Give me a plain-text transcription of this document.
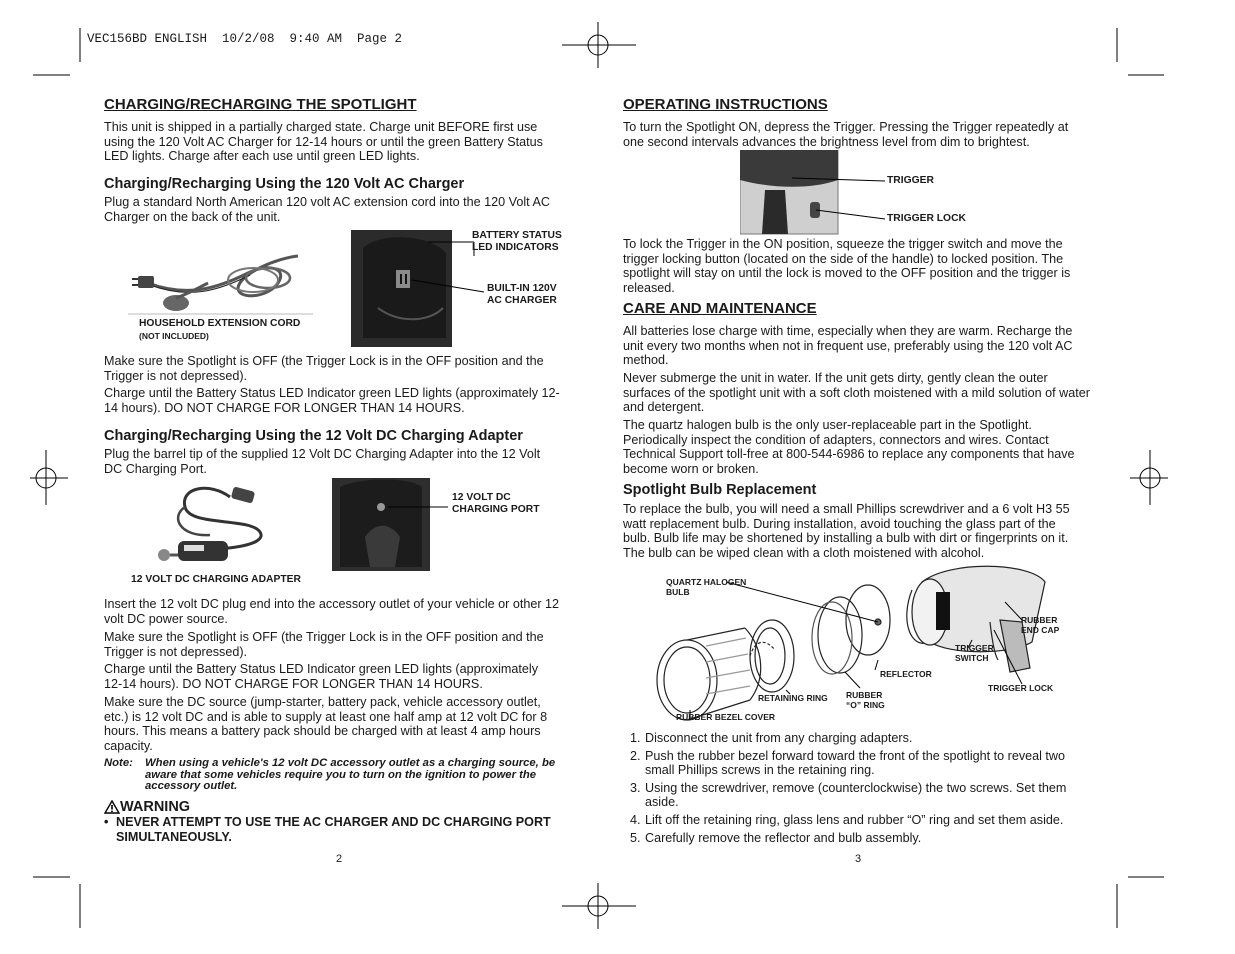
VEC156BD ENGLISH  10/2/08  9:40 AM  Page 2
CHARGING/RECHARGING THE SPOTLIGHT
This unit is shipped in a partially charged state. Charge unit BEFORE first use
using the 120 Volt AC Charger for 12-14 hours or until the green Battery Status
LED lights. Charge after each use until green LED lights.
Charging/Recharging Using the 120 Volt AC Charger
Plug a standard North American 120 volt AC extension cord into the 120 Volt AC
Charger on the back of the unit.
BATTERY STATUS
LED INDICATORS
BUILT-IN 120V
AC CHARGER
HOUSEHOLD EXTENSION CORD
(NOT INCLUDED)
Make sure the Spotlight is OFF (the Trigger Lock is in the OFF position and the
Trigger is not depressed).
Charge until the Battery Status LED Indicator green LED lights (approximately 12-
14 hours). DO NOT CHARGE FOR LONGER THAN 14 HOURS.
Charging/Recharging Using the 12 Volt DC Charging Adapter
Plug the barrel tip of the supplied 12 Volt DC Charging Adapter into the 12 Volt
DC Charging Port.
12 VOLT DC
CHARGING PORT
12 VOLT DC CHARGING ADAPTER
Insert the 12 volt DC plug end into the accessory outlet of your vehicle or other 12
volt DC power source.
Make sure the Spotlight is OFF (the Trigger Lock is in the OFF position and the
Trigger is not depressed).
Charge until the Battery Status LED Indicator green LED lights (approximately
12-14 hours). DO NOT CHARGE FOR LONGER THAN 14 HOURS.
Make sure the DC source (jump-starter, battery pack, vehicle accessory outlet,
etc.) is 12 volt DC and is able to supply at least one half amp at 12 volt DC for 8
hours. This means a battery pack should be charged with at least 4 amp hours
capacity.
Note: When using a vehicle's 12 volt DC accessory outlet as a charging source, be
aware that some vehicles require you to turn on the ignition to power the
accessory outlet.
WARNING
• NEVER ATTEMPT TO USE THE AC CHARGER AND DC CHARGING PORT
SIMULTANEOUSLY.
2
OPERATING INSTRUCTIONS
To turn the Spotlight ON, depress the Trigger. Pressing the Trigger repeatedly at
one second intervals advances the brightness level from dim to brightest.
TRIGGER
TRIGGER LOCK
To lock the Trigger in the ON position, squeeze the trigger switch and move the
trigger locking button (located on the side of the handle) to locked position. The
spotlight will stay on until the lock is moved to the OFF position and the trigger is
released.
CARE AND MAINTENANCE
All batteries lose charge with time, especially when they are warm. Recharge the
unit every two months when not in frequent use, preferably using the 120 volt AC
method.
Never submerge the unit in water. If the unit gets dirty, gently clean the outer
surfaces of the spotlight unit with a soft cloth moistened with a mild solution of water
and detergent.
The quartz halogen bulb is the only user-replaceable part in the Spotlight.
Periodically inspect the condition of adapters, connectors and wires. Contact
Technical Support toll-free at 800-544-6986 to replace any components that have
become worn or broken.
Spotlight Bulb Replacement
To replace the bulb, you will need a small Phillips screwdriver and a 6 volt H3 55
watt replacement bulb. During installation, avoid touching the glass part of the
bulb. Bulb life may be shortened by installing a bulb with dirt or fingerprints on it.
The bulb can be wiped clean with a cloth moistened with alcohol.
QUARTZ HALOGEN
BULB
RUBBER
END CAP
TRIGGER
SWITCH
REFLECTOR
TRIGGER LOCK
RUBBER
“O” RING
RETAINING RING
RUBBER BEZEL COVER
1. Disconnect the unit from any charging adapters.
2. Push the rubber bezel forward toward the front of the spotlight to reveal two
small Phillips screws in the retaining ring.
3. Using the screwdriver, remove (counterclockwise) the two screws. Set them
aside.
4. Lift off the retaining ring, glass lens and rubber “O” ring and set them aside.
5. Carefully remove the reflector and bulb assembly.
3
